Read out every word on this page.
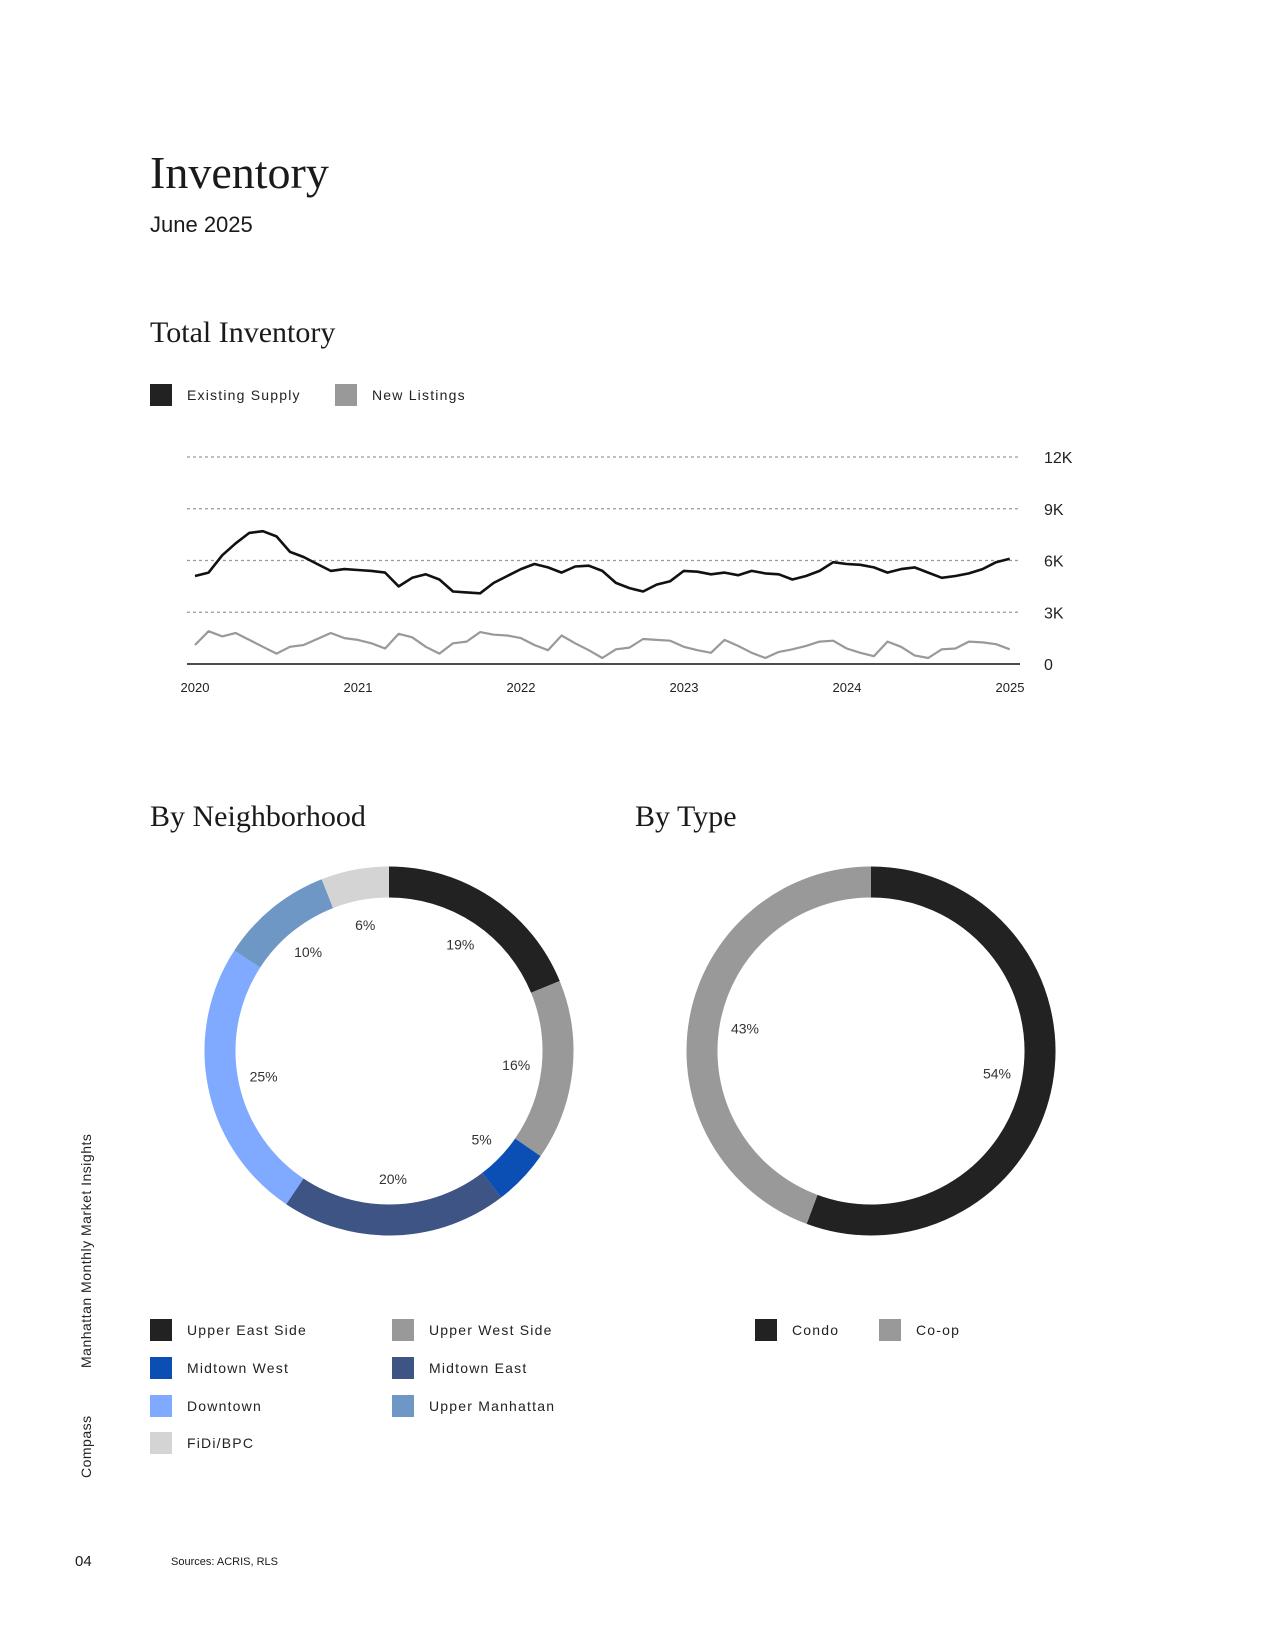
Inventory
June 2025
Total Inventory
Existing Supply	New Listings
0
3K
6K
9K
12K
2020	2021	2022	2023	2024	2025
19%
16%
5%
20%
25%
10%
6%
54%
43%
By Neighborhood	By Type
Upper East Side	Upper West Side
Midtown West	Midtown East
Downtown	Upper Manhattan
FiDi/BPC
Condo	Co-op
Manhattan Monthly Market Insights
Compass
04	Sources: ACRIS, RLS
